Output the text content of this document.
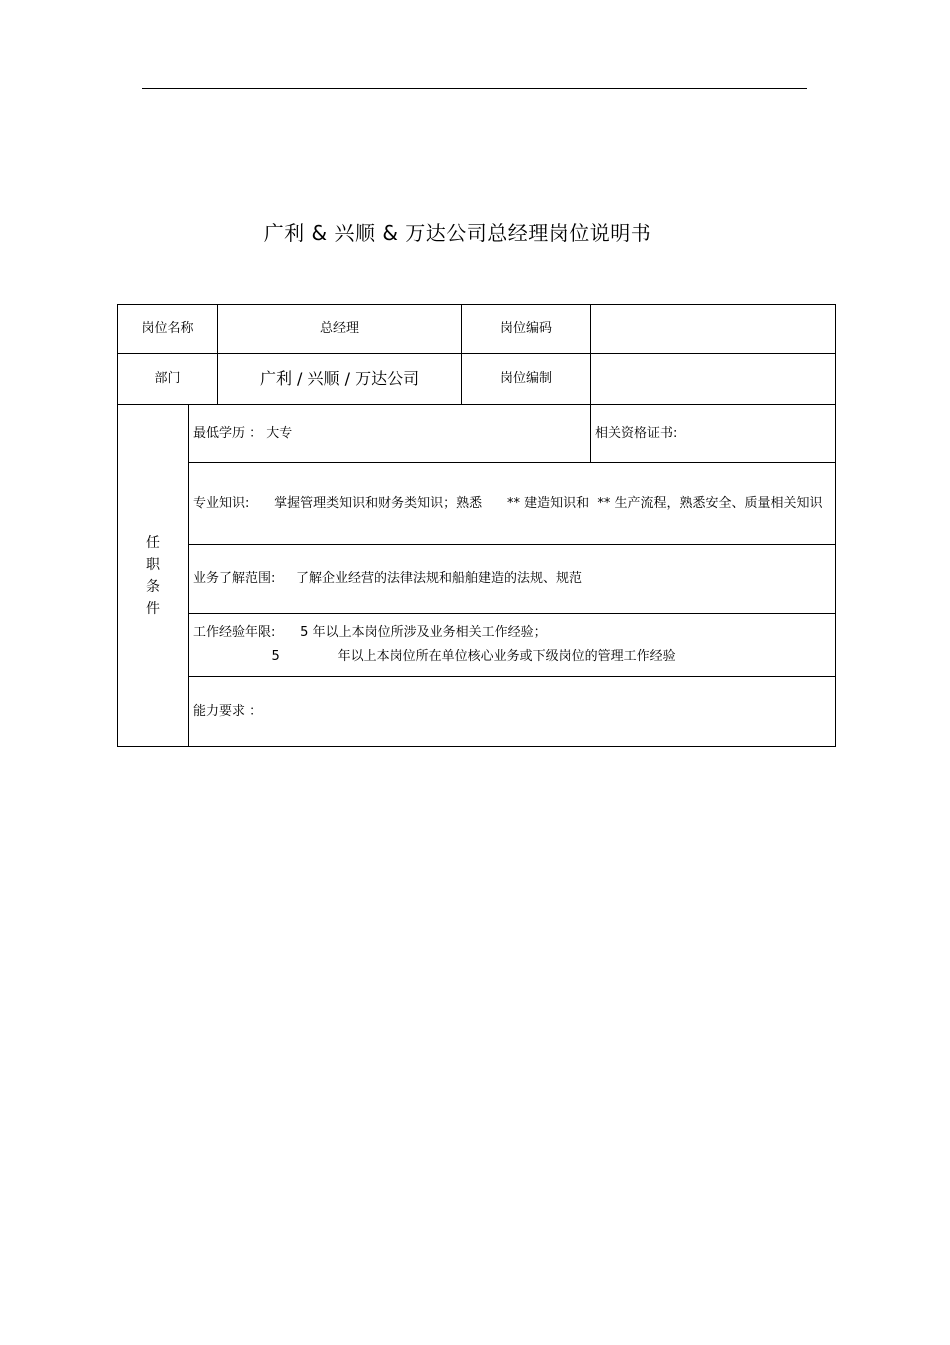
广利 & 兴顺 & 万达公司总经理岗位说明书
岗位名称		总经理	岗位编码	
部门		广利 / 兴顺 / 万达公司	岗位编制	
任职条件	最低学历 ： 大专			相关资格证书:
	专业知识:      掌握管理类知识和财务类知识；熟悉      ** 建造知识和  ** 生产流程，熟悉安全、质量相关知识			
	业务了解范围:     了解企业经营的法律法规和船舶建造的法规、规范			

	工作经验年限:      5 年以上本岗位所涉及业务相关工作经验；
5              年以上本岗位所在单位核心业务或下级岗位的管理工作经验			

	能力要求 ：			
